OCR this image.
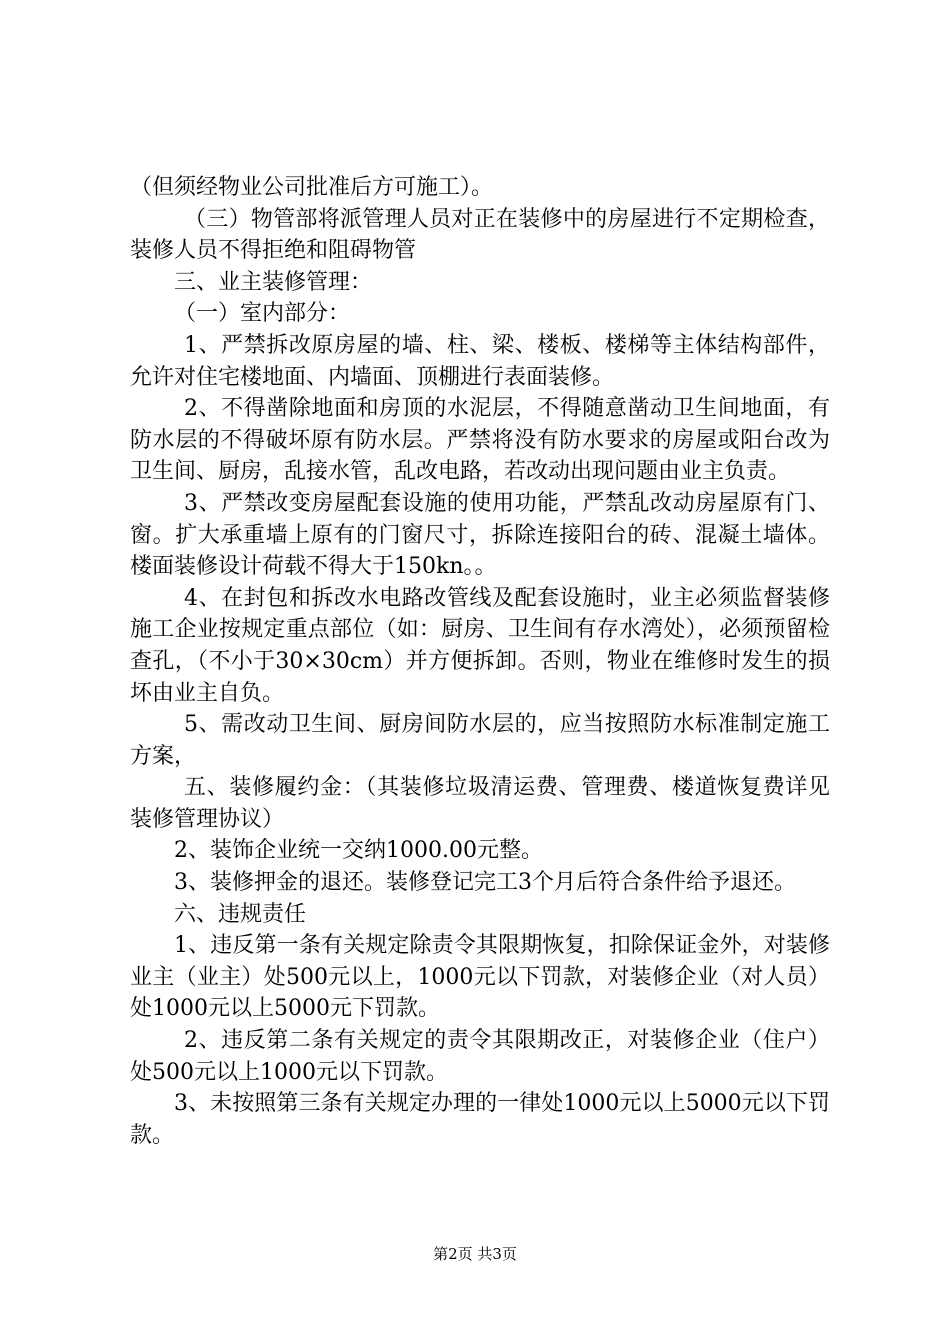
（但须经物业公司批准后方可施工）。

（三）物管部将派管理人员对正在装修中的房屋进行不定期检查，装修人员不得拒绝和阻碍物管

三、业主装修管理：

（一）室内部分：

1、严禁拆改原房屋的墙、柱、梁、楼板、楼梯等主体结构部件，允许对住宅楼地面、内墙面、顶棚进行表面装修。

2、不得凿除地面和房顶的水泥层，不得随意凿动卫生间地面，有防水层的不得破坏原有防水层。严禁将没有防水要求的房屋或阳台改为卫生间、厨房，乱接水管，乱改电路，若改动出现问题由业主负责。

3、严禁改变房屋配套设施的使用功能，严禁乱改动房屋原有门、窗。扩大承重墙上原有的门窗尺寸，拆除连接阳台的砖、混凝土墙体。楼面装修设计荷载不得大于150kn。。

4、在封包和拆改水电路改管线及配套设施时，业主必须监督装修施工企业按规定重点部位（如：厨房、卫生间有存水湾处），必须预留检查孔，（不小于30×30cm）并方便拆卸。否则，物业在维修时发生的损坏由业主自负。

5、需改动卫生间、厨房间防水层的，应当按照防水标准制定施工方案，

五、装修履约金：（其装修垃圾清运费、管理费、楼道恢复费详见装修管理协议）

2、装饰企业统一交纳1000.00元整。

3、装修押金的退还。装修登记完工3个月后符合条件给予退还。

六、违规责任

1、违反第一条有关规定除责令其限期恢复，扣除保证金外，对装修业主（业主）处500元以上，1000元以下罚款，对装修企业（对人员）处1000元以上5000元下罚款。

2、违反第二条有关规定的责令其限期改正，对装修企业（住户）处500元以上1000元以下罚款。

3、未按照第三条有关规定办理的一律处1000元以上5000元以下罚款。

第2页 共3页
